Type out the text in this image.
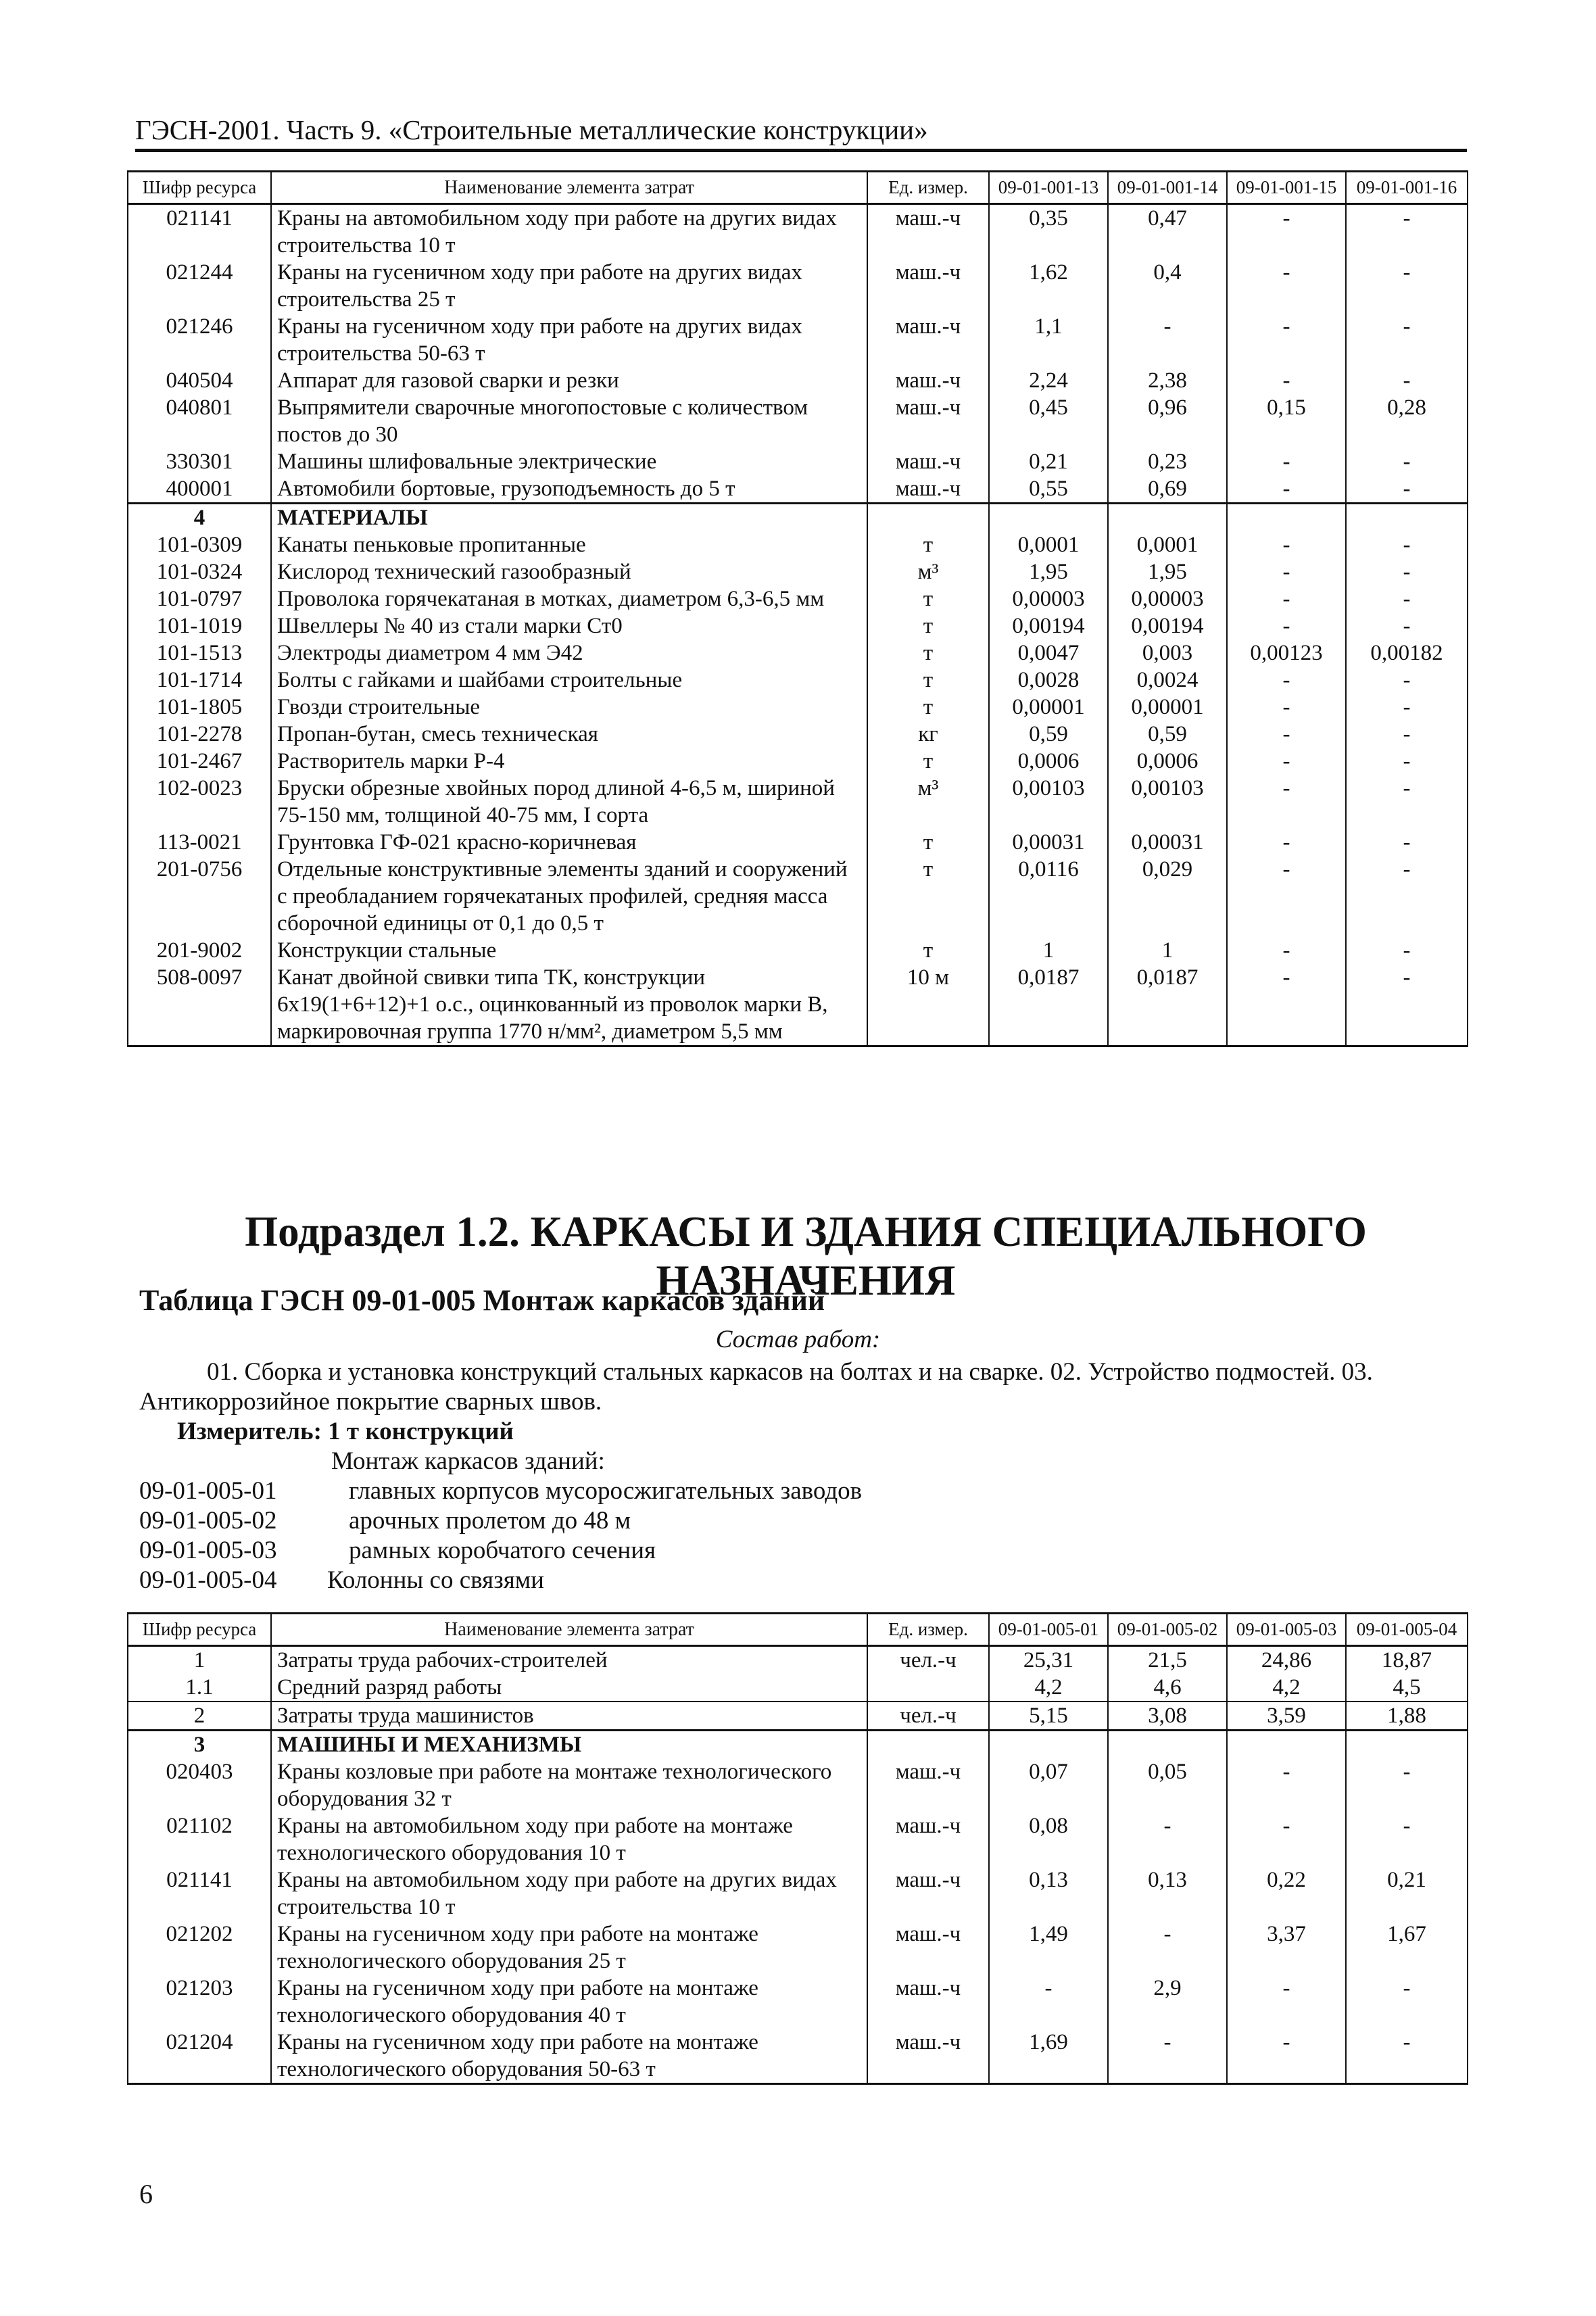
ГЭСН-2001. Часть 9. «Строительные металлические конструкции»
Шифр ресурса	Наименование элемента затрат	Ед. измер.	09-01-001-13	09-01-001-14	09-01-001-15	09-01-001-16
021141	Краны на автомобильном ходу при работе на других видах строительства 10 т	маш.-ч	0,35	0,47	-	-
021244	Краны на гусеничном ходу при работе на других видах строительства 25 т	маш.-ч	1,62	0,4	-	-
021246	Краны на гусеничном ходу при работе на других видах строительства 50-63 т	маш.-ч	1,1	-	-	-
040504	Аппарат для газовой сварки и резки	маш.-ч	2,24	2,38	-	-
040801	Выпрямители сварочные многопостовые с количеством постов до 30	маш.-ч	0,45	0,96	0,15	0,28
330301	Машины шлифовальные электрические	маш.-ч	0,21	0,23	-	-
400001	Автомобили бортовые, грузоподъемность до 5 т	маш.-ч	0,55	0,69	-	-
4	МАТЕРИАЛЫ					
101-0309	Канаты пеньковые пропитанные	т	0,0001	0,0001	-	-
101-0324	Кислород технический газообразный	м³	1,95	1,95	-	-
101-0797	Проволока горячекатаная в мотках, диаметром 6,3-6,5 мм	т	0,00003	0,00003	-	-
101-1019	Швеллеры № 40 из стали марки Ст0	т	0,00194	0,00194	-	-
101-1513	Электроды диаметром 4 мм Э42	т	0,0047	0,003	0,00123	0,00182
101-1714	Болты с гайками и шайбами строительные	т	0,0028	0,0024	-	-
101-1805	Гвозди строительные	т	0,00001	0,00001	-	-
101-2278	Пропан-бутан, смесь техническая	кг	0,59	0,59	-	-
101-2467	Растворитель марки Р-4	т	0,0006	0,0006	-	-
102-0023	Бруски обрезные хвойных пород длиной 4-6,5 м, шириной 75-150 мм, толщиной 40-75 мм, I сорта	м³	0,00103	0,00103	-	-
113-0021	Грунтовка ГФ-021 красно-коричневая	т	0,00031	0,00031	-	-
201-0756	Отдельные конструктивные элементы зданий и сооружений с преобладанием горячекатаных профилей, средняя масса сборочной единицы от 0,1 до 0,5 т	т	0,0116	0,029	-	-
201-9002	Конструкции стальные	т	1	1	-	-
508-0097	Канат двойной свивки типа ТК, конструкции 6х19(1+6+12)+1 о.с., оцинкованный из проволок марки В, маркировочная группа 1770 н/мм², диаметром 5,5 мм	10 м	0,0187	0,0187	-	-
Подраздел 1.2. КАРКАСЫ И ЗДАНИЯ СПЕЦИАЛЬНОГО НАЗНАЧЕНИЯ
Таблица ГЭСН 09-01-005 Монтаж каркасов зданий
Состав работ:
01. Сборка и установка конструкций стальных каркасов на болтах и на сварке. 02. Устройство подмостей. 03. Антикоррозийное покрытие сварных швов.
Измеритель: 1 т конструкций
Монтаж каркасов зданий:
09-01-005-01	главных корпусов мусоросжигательных заводов
09-01-005-02	арочных пролетом до 48 м
09-01-005-03	рамных коробчатого сечения
09-01-005-04	Колонны со связями
Шифр ресурса	Наименование элемента затрат	Ед. измер.	09-01-005-01	09-01-005-02	09-01-005-03	09-01-005-04
1	Затраты труда рабочих-строителей	чел.-ч	25,31	21,5	24,86	18,87
1.1	Средний разряд работы		4,2	4,6	4,2	4,5
2	Затраты труда машинистов	чел.-ч	5,15	3,08	3,59	1,88
3	МАШИНЫ И МЕХАНИЗМЫ					
020403	Краны козловые при работе на монтаже технологического оборудования 32 т	маш.-ч	0,07	0,05	-	-
021102	Краны на автомобильном ходу при работе на монтаже технологического оборудования 10 т	маш.-ч	0,08	-	-	-
021141	Краны на автомобильном ходу при работе на других видах строительства 10 т	маш.-ч	0,13	0,13	0,22	0,21
021202	Краны на гусеничном ходу при работе на монтаже технологического оборудования 25 т	маш.-ч	1,49	-	3,37	1,67
021203	Краны на гусеничном ходу при работе на монтаже технологического оборудования 40 т	маш.-ч	-	2,9	-	-
021204	Краны на гусеничном ходу при работе на монтаже технологического оборудования 50-63 т	маш.-ч	1,69	-	-	-
6
